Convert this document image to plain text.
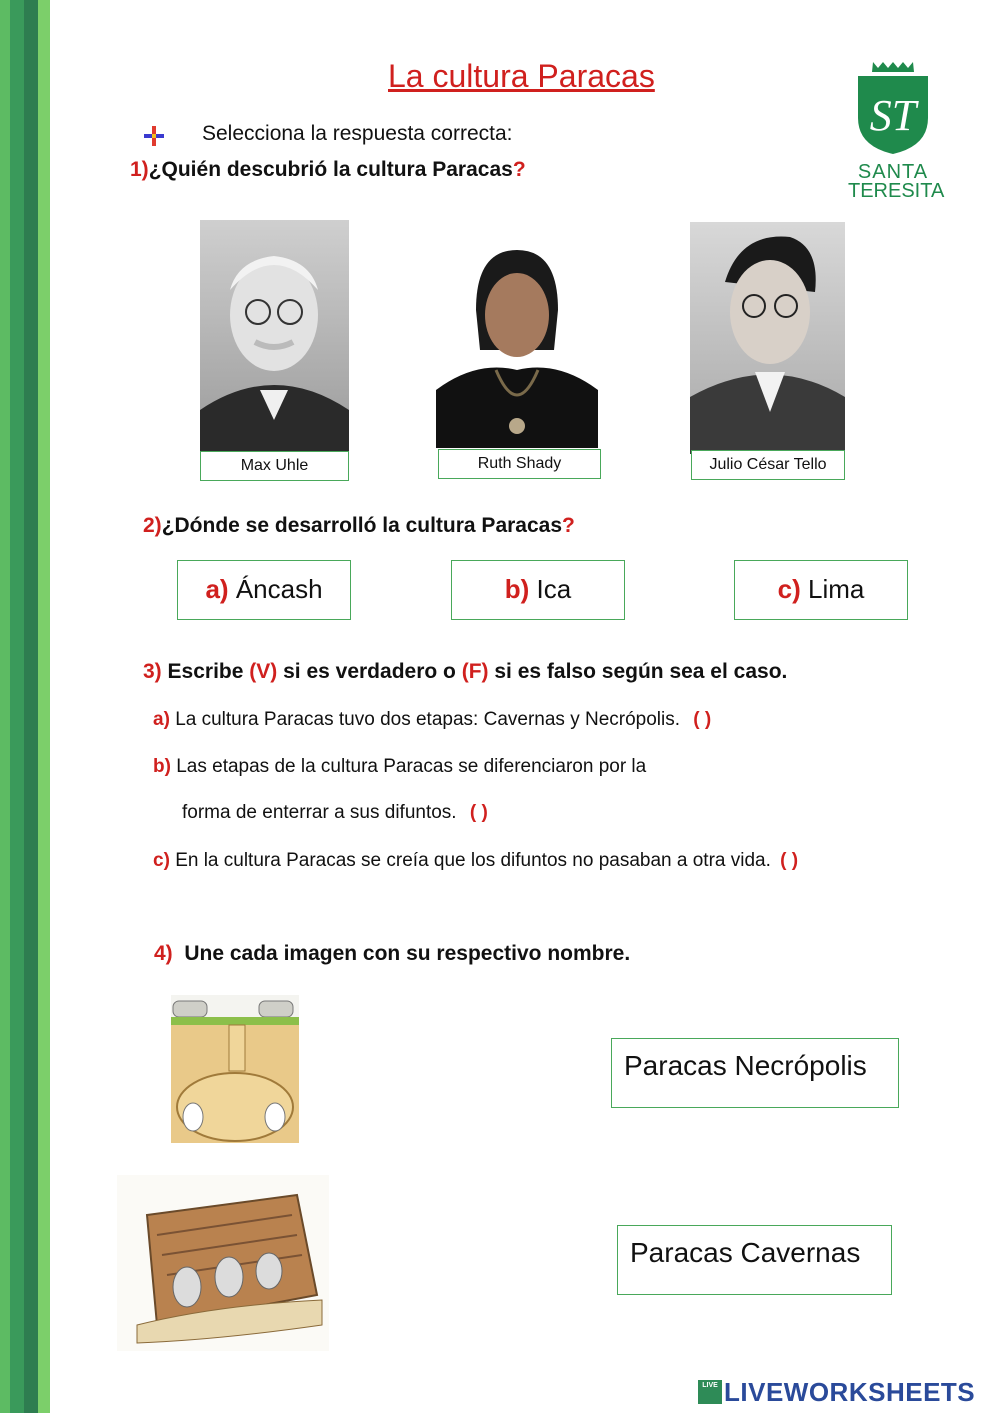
La cultura Paracas
ST
SANTA
TERESITA
Selecciona la respuesta correcta:
1)¿Quién descubrió la cultura Paracas?
Max Uhle	Ruth Shady	Julio César Tello
2)¿Dónde se desarrolló la cultura Paracas?
a) Áncash	b) Ica	c) Lima
3) Escribe (V) si es verdadero o (F) si es falso según sea el caso.
a) La cultura Paracas tuvo dos etapas: Cavernas y Necrópolis. ( )
b) Las etapas de la cultura Paracas se diferenciaron por la
forma de enterrar a sus difuntos. ( )
c) En la cultura Paracas se creía que los difuntos no pasaban a otra vida. ( )
4) Une cada imagen con su respectivo nombre.
Paracas Necrópolis
Paracas Cavernas
LIVE LIVEWORKSHEETS
